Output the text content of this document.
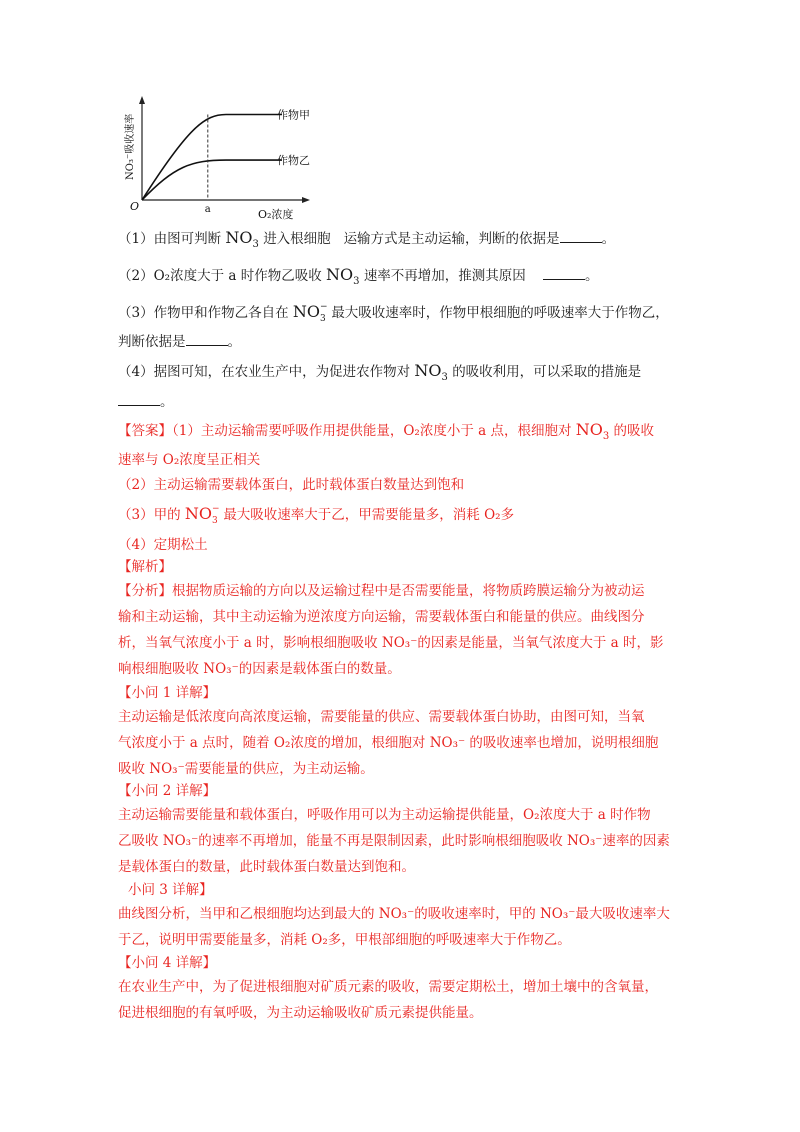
作物甲
作物乙
O	a	O₂浓度
NO₃⁻吸收速率
（1）由图可判断 $NO_3$ 进入根细胞 运输方式是主动运输，判断的依据是	。
（2）O₂浓度大于 a 时作物乙吸收 $NO_3$ 速率不再增加，推测其原因	。
（3）作物甲和作物乙各自在 NO −
3 最大吸收速率时，作物甲根细胞的呼吸速率大于作物乙，
判断依据是	。
（4）据图可知，在农业生产中，为促进农作物对 $NO_3$ 的吸收利用，可以采取的措施是
。
【答案】（1）主动运输需要呼吸作用提供能量，O₂浓度小于 a 点，根细胞对 $NO_3$ 的吸收
速率与 O₂浓度呈正相关
（2）主动运输需要载体蛋白，此时载体蛋白数量达到饱和
（3）甲的 NO −
3 最大吸收速率大于乙，甲需要能量多，消耗 O₂多
（4）定期松土
【解析】
【分析】根据物质运输的方向以及运输过程中是否需要能量，将物质跨膜运输分为被动运
输和主动运输，其中主动运输为逆浓度方向运输，需要载体蛋白和能量的供应。曲线图分
析，当氧气浓度小于 a 时，影响根细胞吸收 NO₃⁻的因素是能量，当氧气浓度大于 a 时，影
响根细胞吸收 NO₃⁻的因素是载体蛋白的数量。
【小问 1 详解】
主动运输是低浓度向高浓度运输，需要能量的供应、需要载体蛋白协助，由图可知，当氧
气浓度小于 a 点时，随着 O₂浓度的增加，根细胞对 NO₃⁻ 的吸收速率也增加，说明根细胞
吸收 NO₃⁻需要能量的供应，为主动运输。
【小问 2 详解】
主动运输需要能量和载体蛋白，呼吸作用可以为主动运输提供能量，O₂浓度大于 a 时作物
乙吸收 NO₃⁻的速率不再增加，能量不再是限制因素，此时影响根细胞吸收 NO₃⁻速率的因素
是载体蛋白的数量，此时载体蛋白数量达到饱和。
小问 3 详解】
曲线图分析，当甲和乙根细胞均达到最大的 NO₃⁻的吸收速率时，甲的 NO₃⁻最大吸收速率大
于乙，说明甲需要能量多，消耗 O₂多，甲根部细胞的呼吸速率大于作物乙。
【小问 4 详解】
在农业生产中，为了促进根细胞对矿质元素的吸收，需要定期松土，增加土壤中的含氧量，
促进根细胞的有氧呼吸，为主动运输吸收矿质元素提供能量。
